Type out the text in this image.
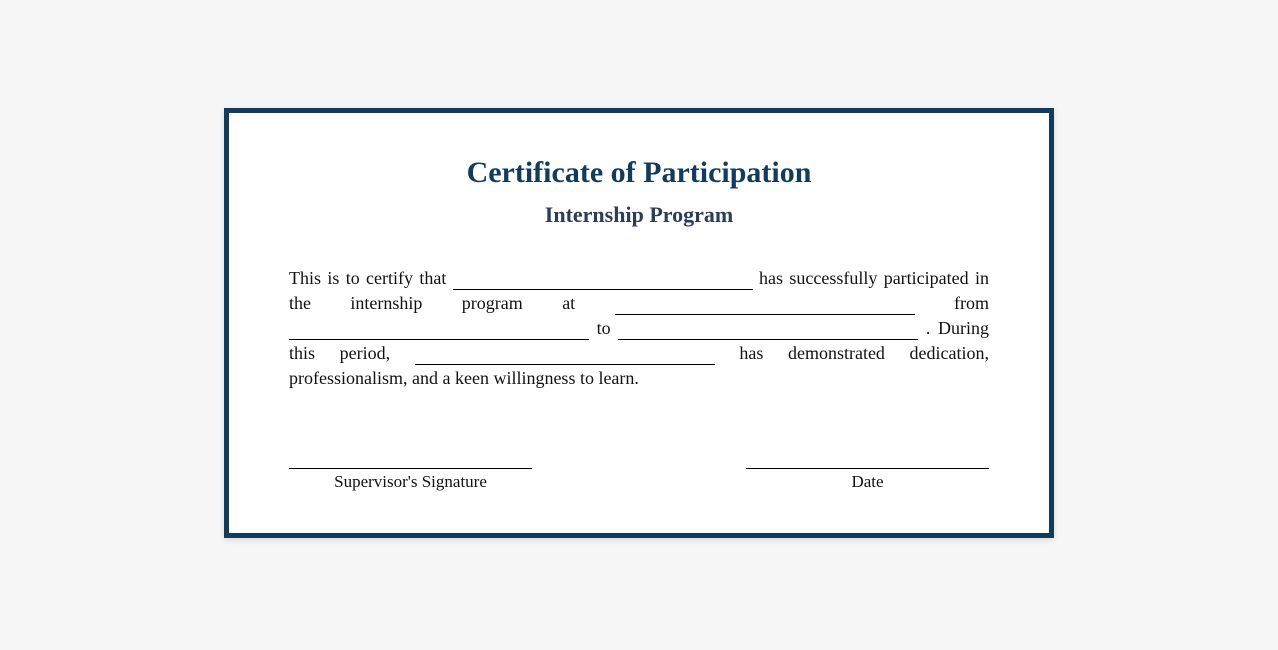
Certificate of Participation
Internship Program

This is to certify that	has successfully participated in the internship program at	from  to	. During this period,	has demonstrated dedication, professionalism, and a keen willingness to learn.

Supervisor's Signature	Date
